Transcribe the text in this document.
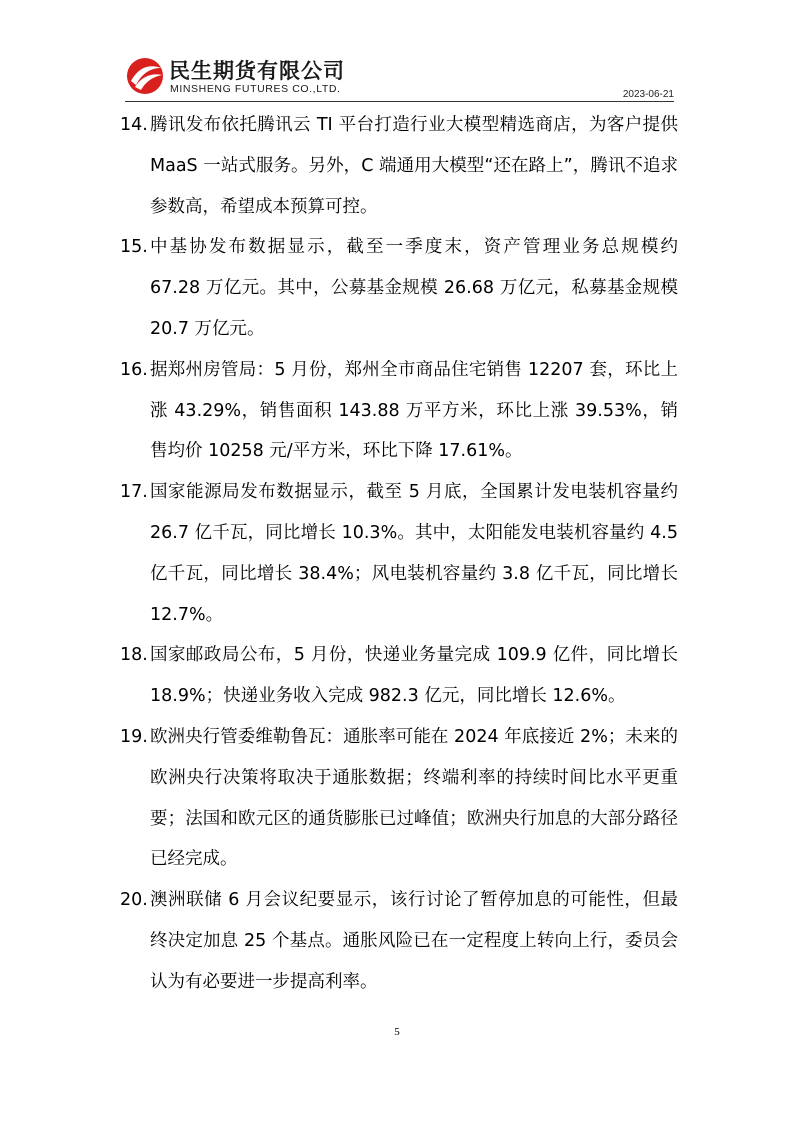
民生期货有限公司
MINSHENG FUTURES CO.,LTD.	2023-06-21
14. 腾讯发布依托腾讯云 TI 平台打造行业大模型精选商店，为客户提供 MaaS 一站式服务。另外，C 端通用大模型“还在路上”，腾讯不追求参数高，希望成本预算可控。
15. 中基协发布数据显示，截至一季度末，资产管理业务总规模约 67.28 万亿元。其中，公募基金规模 26.68 万亿元，私募基金规模 20.7 万亿元。
16. 据郑州房管局：5 月份，郑州全市商品住宅销售 12207 套，环比上涨 43.29%，销售面积 143.88 万平方米，环比上涨 39.53%，销售均价 10258 元/平方米，环比下降 17.61%。
17. 国家能源局发布数据显示，截至 5 月底，全国累计发电装机容量约 26.7 亿千瓦，同比增长 10.3%。其中，太阳能发电装机容量约 4.5 亿千瓦，同比增长 38.4%；风电装机容量约 3.8 亿千瓦，同比增长 12.7%。
18. 国家邮政局公布，5 月份，快递业务量完成 109.9 亿件，同比增长 18.9%；快递业务收入完成 982.3 亿元，同比增长 12.6%。
19. 欧洲央行管委维勒鲁瓦：通胀率可能在 2024 年底接近 2%；未来的欧洲央行决策将取决于通胀数据；终端利率的持续时间比水平更重要；法国和欧元区的通货膨胀已过峰值；欧洲央行加息的大部分路径已经完成。
20. 澳洲联储 6 月会议纪要显示，该行讨论了暂停加息的可能性，但最终决定加息 25 个基点。通胀风险已在一定程度上转向上行，委员会认为有必要进一步提高利率。
5
